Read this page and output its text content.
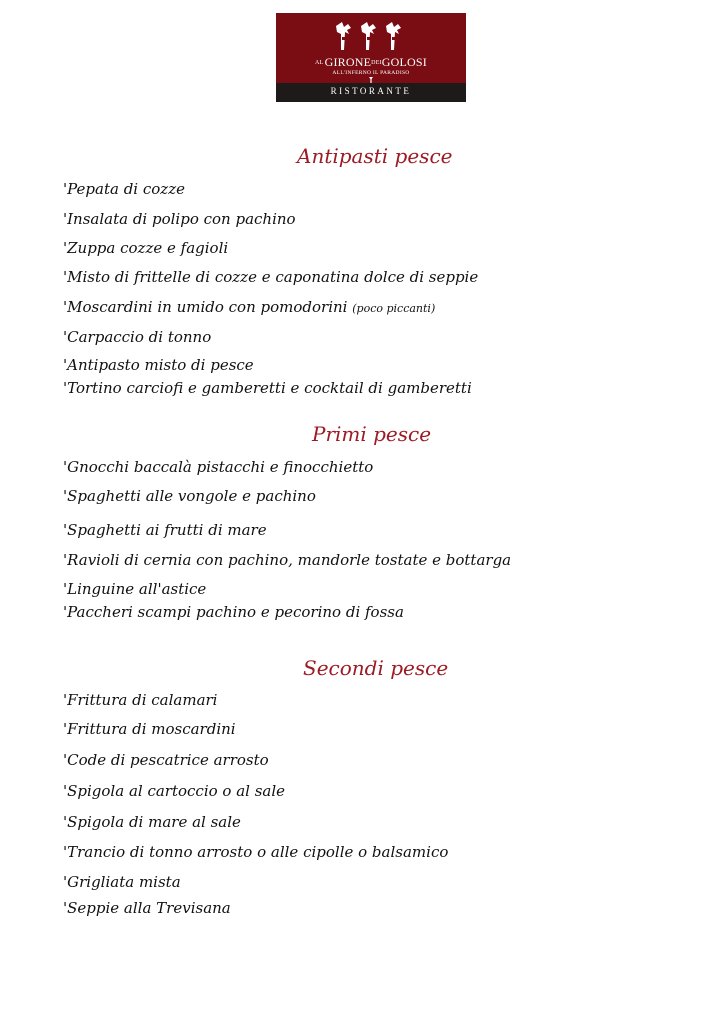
AL GIRONEDEIGOLOSI
ALL'INFERNO IL PARADISO
RISTORANTE
Antipasti pesce
'Pepata di cozze
'Insalata di polipo con pachino
'Zuppa cozze e fagioli
'Misto di frittelle di cozze e caponatina dolce di seppie
'Moscardini in umido con pomodorini (poco piccanti)
'Carpaccio di tonno
'Antipasto misto di pesce
'Tortino carciofi e gamberetti e cocktail di gamberetti
Primi pesce
'Gnocchi baccalà pistacchi e finocchietto
'Spaghetti alle vongole e pachino
'Spaghetti ai frutti di mare
'Ravioli di cernia con pachino, mandorle tostate e bottarga
'Linguine all'astice
'Paccheri scampi pachino e pecorino di fossa
Secondi pesce
'Frittura di calamari
'Frittura di moscardini
'Code di pescatrice arrosto
'Spigola al cartoccio o al sale
'Spigola di mare al sale
'Trancio di tonno arrosto o alle cipolle o balsamico
'Grigliata mista
'Seppie alla Trevisana
